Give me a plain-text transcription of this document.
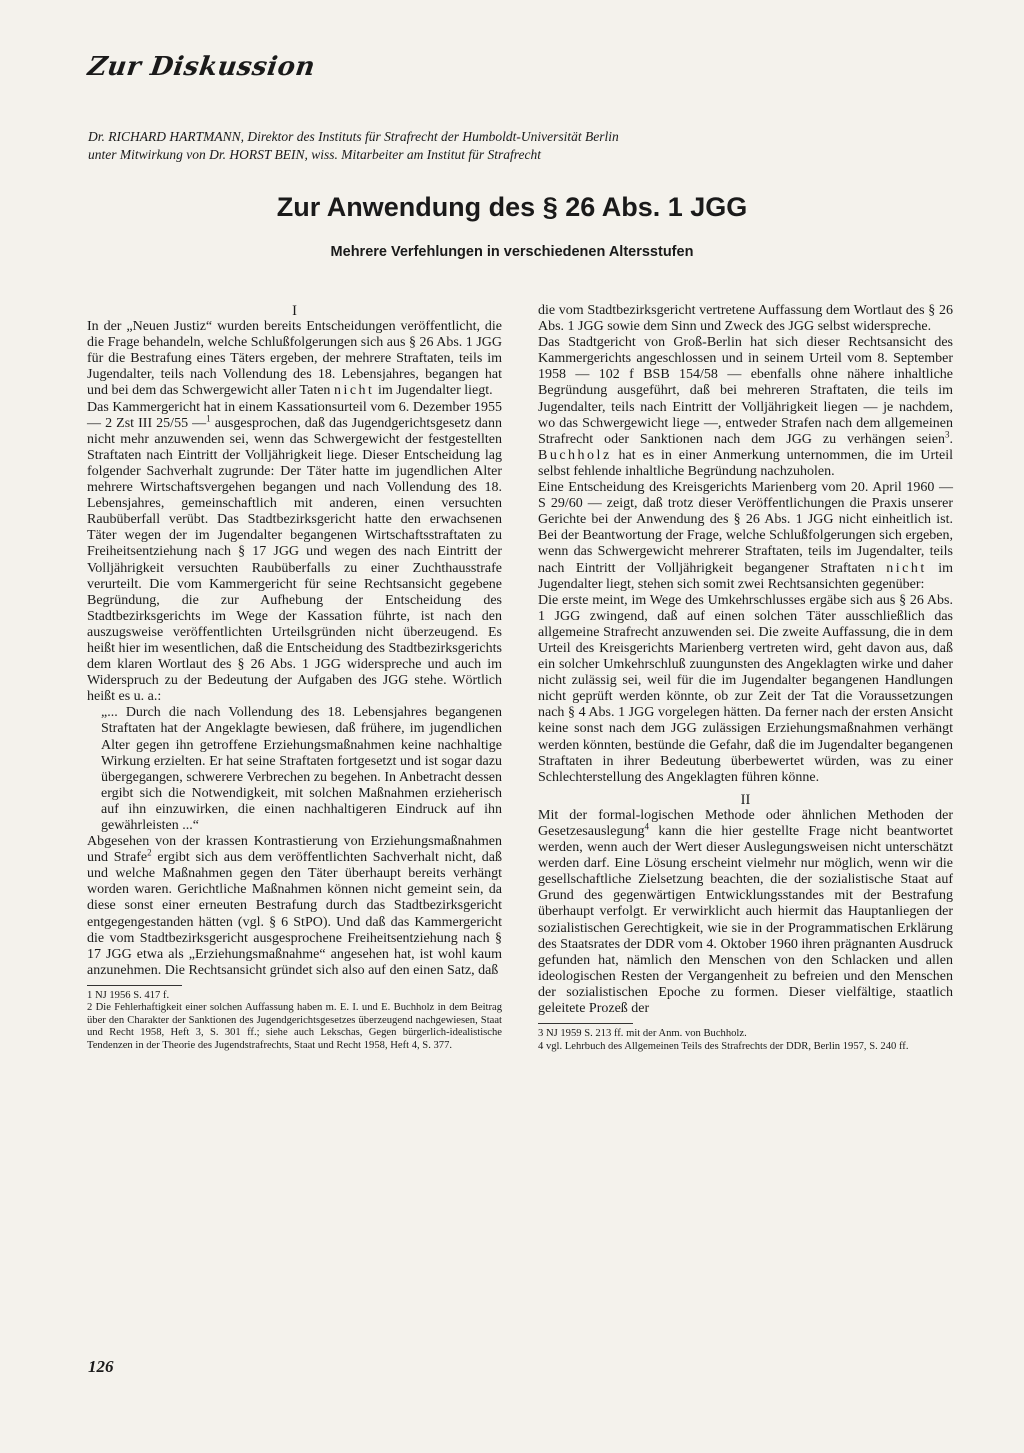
Zur Diskussion
Dr. RICHARD HARTMANN, Direktor des Instituts für Strafrecht der Humboldt-Universität Berlin
unter Mitwirkung von Dr. HORST BEIN, wiss. Mitarbeiter am Institut für Strafrecht
Zur Anwendung des § 26 Abs. 1 JGG
Mehrere Verfehlungen in verschiedenen Altersstufen

I

In der „Neuen Justiz“ wurden bereits Entscheidungen veröffentlicht, die die Frage behandeln, welche Schlußfolgerungen sich aus § 26 Abs. 1 JGG für die Bestrafung eines Täters ergeben, der mehrere Straftaten, teils im Jugendalter, teils nach Vollendung des 18. Lebensjahres, begangen hat und bei dem das Schwergewicht aller Taten nicht im Jugendalter liegt.

Das Kammergericht hat in einem Kassationsurteil vom 6. Dezember 1955 — 2 Zst III 25/55 —$^1$ ausgesprochen, daß das Jugendgerichtsgesetz dann nicht mehr anzuwenden sei, wenn das Schwergewicht der festgestellten Straftaten nach Eintritt der Volljährigkeit liege. Dieser Entscheidung lag folgender Sachverhalt zugrunde: Der Täter hatte im jugendlichen Alter mehrere Wirtschaftsvergehen begangen und nach Vollendung des 18. Lebensjahres, gemeinschaftlich mit anderen, einen versuchten Raubüberfall verübt. Das Stadtbezirksgericht hatte den erwachsenen Täter wegen der im Jugendalter begangenen Wirtschaftsstraftaten zu Freiheitsentziehung nach § 17 JGG und wegen des nach Eintritt der Volljährigkeit versuchten Raubüberfalls zu einer Zuchthausstrafe verurteilt. Die vom Kammergericht für seine Rechtsansicht gegebene Begründung, die zur Aufhebung der Entscheidung des Stadtbezirksgerichts im Wege der Kassation führte, ist nach den auszugsweise veröffentlichten Urteilsgründen nicht überzeugend. Es heißt hier im wesentlichen, daß die Entscheidung des Stadtbezirksgerichts dem klaren Wortlaut des § 26 Abs. 1 JGG widerspreche und auch im Widerspruch zu der Bedeutung der Aufgaben des JGG stehe. Wörtlich heißt es u. a.:

„... Durch die nach Vollendung des 18. Lebensjahres begangenen Straftaten hat der Angeklagte bewiesen, daß frühere, im jugendlichen Alter gegen ihn getroffene Erziehungsmaßnahmen keine nachhaltige Wirkung erzielten. Er hat seine Straftaten fortgesetzt und ist sogar dazu übergegangen, schwerere Verbrechen zu begehen. In Anbetracht dessen ergibt sich die Notwendigkeit, mit solchen Maßnahmen erzieherisch auf ihn einzuwirken, die einen nachhaltigeren Eindruck auf ihn gewährleisten ...“

Abgesehen von der krassen Kontrastierung von Erziehungsmaßnahmen und Strafe$^2$ ergibt sich aus dem veröffentlichten Sachverhalt nicht, daß und welche Maßnahmen gegen den Täter überhaupt bereits verhängt worden waren. Gerichtliche Maßnahmen können nicht gemeint sein, da diese sonst einer erneuten Bestrafung durch das Stadtbezirksgericht entgegengestanden hätten (vgl. § 6 StPO). Und daß das Kammergericht die vom Stadtbezirksgericht ausgesprochene Freiheitsentziehung nach § 17 JGG etwa als „Erziehungsmaßnahme“ angesehen hat, ist wohl kaum anzunehmen. Die Rechtsansicht gründet sich also auf den einen Satz, daß

1 NJ 1956 S. 417 f.

2 Die Fehlerhaftigkeit einer solchen Auffassung haben m. E. I. und E. Buchholz in dem Beitrag über den Charakter der Sanktionen des Jugendgerichtsgesetzes überzeugend nachgewiesen, Staat und Recht 1958, Heft 3, S. 301 ff.; siehe auch Lekschas, Gegen bürgerlich-idealistische Tendenzen in der Theorie des Jugendstrafrechts, Staat und Recht 1958, Heft 4, S. 377.

die vom Stadtbezirksgericht vertretene Auffassung dem Wortlaut des § 26 Abs. 1 JGG sowie dem Sinn und Zweck des JGG selbst widerspreche.

Das Stadtgericht von Groß-Berlin hat sich dieser Rechtsansicht des Kammergerichts angeschlossen und in seinem Urteil vom 8. September 1958 — 102 f BSB 154/58 — ebenfalls ohne nähere inhaltliche Begründung ausgeführt, daß bei mehreren Straftaten, die teils im Jugendalter, teils nach Eintritt der Volljährigkeit liegen — je nachdem, wo das Schwergewicht liege —, entweder Strafen nach dem allgemeinen Strafrecht oder Sanktionen nach dem JGG zu verhängen seien$^3$. Buchholz hat es in einer Anmerkung unternommen, die im Urteil selbst fehlende inhaltliche Begründung nachzuholen.

Eine Entscheidung des Kreisgerichts Marienberg vom 20. April 1960 — S 29/60 — zeigt, daß trotz dieser Veröffentlichungen die Praxis unserer Gerichte bei der Anwendung des § 26 Abs. 1 JGG nicht einheitlich ist. Bei der Beantwortung der Frage, welche Schlußfolgerungen sich ergeben, wenn das Schwergewicht mehrerer Straftaten, teils im Jugendalter, teils nach Eintritt der Volljährigkeit begangener Straftaten nicht im Jugendalter liegt, stehen sich somit zwei Rechtsansichten gegenüber:

Die erste meint, im Wege des Umkehrschlusses ergäbe sich aus § 26 Abs. 1 JGG zwingend, daß auf einen solchen Täter ausschließlich das allgemeine Strafrecht anzuwenden sei. Die zweite Auffassung, die in dem Urteil des Kreisgerichts Marienberg vertreten wird, geht davon aus, daß ein solcher Umkehrschluß zuungunsten des Angeklagten wirke und daher nicht zulässig sei, weil für die im Jugendalter begangenen Handlungen nicht geprüft werden könnte, ob zur Zeit der Tat die Voraussetzungen nach § 4 Abs. 1 JGG vorgelegen hätten. Da ferner nach der ersten Ansicht keine sonst nach dem JGG zulässigen Erziehungsmaßnahmen verhängt werden könnten, bestünde die Gefahr, daß die im Jugendalter begangenen Straftaten in ihrer Bedeutung überbewertet würden, was zu einer Schlechterstellung des Angeklagten führen könne.

II

Mit der formal-logischen Methode oder ähnlichen Methoden der Gesetzesauslegung$^4$ kann die hier gestellte Frage nicht beantwortet werden, wenn auch der Wert dieser Auslegungsweisen nicht unterschätzt werden darf. Eine Lösung erscheint vielmehr nur möglich, wenn wir die gesellschaftliche Zielsetzung beachten, die der sozialistische Staat auf Grund des gegenwärtigen Entwicklungsstandes mit der Bestrafung überhaupt verfolgt. Er verwirklicht auch hiermit das Hauptanliegen der sozialistischen Gerechtigkeit, wie sie in der Programmatischen Erklärung des Staatsrates der DDR vom 4. Oktober 1960 ihren prägnanten Ausdruck gefunden hat, nämlich den Menschen von den Schlacken und allen ideologischen Resten der Vergangenheit zu befreien und den Menschen der sozialistischen Epoche zu formen. Dieser vielfältige, staatlich geleitete Prozeß der

3 NJ 1959 S. 213 ff. mit der Anm. von Buchholz.

4 vgl. Lehrbuch des Allgemeinen Teils des Strafrechts der DDR, Berlin 1957, S. 240 ff.

126
